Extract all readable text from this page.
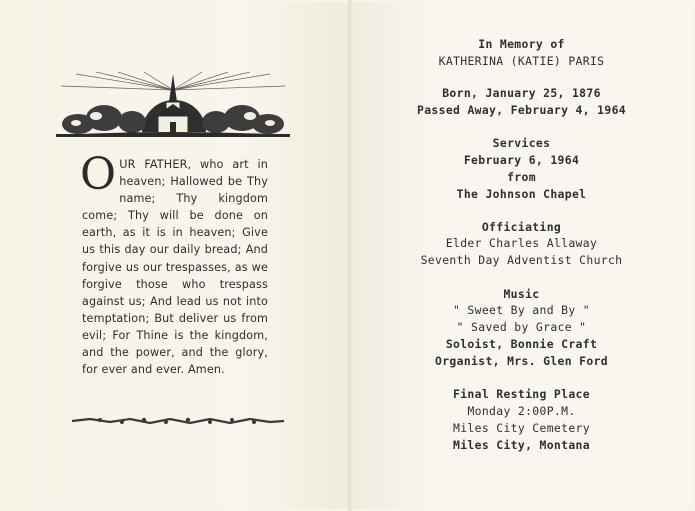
OUR FATHER, who art in heaven; Hallowed be Thy name; Thy kingdom come; Thy will be done on earth, as it is in heaven; Give us this day our daily bread; And forgive us our trespasses, as we forgive those who trespass against us; And lead us not into temptation; But deliver us from evil; For Thine is the kingdom, and the power, and the glory, for ever and ever. Amen.
In Memory of
KATHERINA (KATIE) PARIS
Born, January 25, 1876
Passed Away, February 4, 1964
Services
February 6, 1964
from
The Johnson Chapel
Officiating
Elder Charles Allaway
Seventh Day Adventist Church
Music
" Sweet By and By "
" Saved by Grace "
Soloist, Bonnie Craft
Organist, Mrs. Glen Ford
Final Resting Place
Monday 2:00P.M.
Miles City Cemetery
Miles City, Montana
